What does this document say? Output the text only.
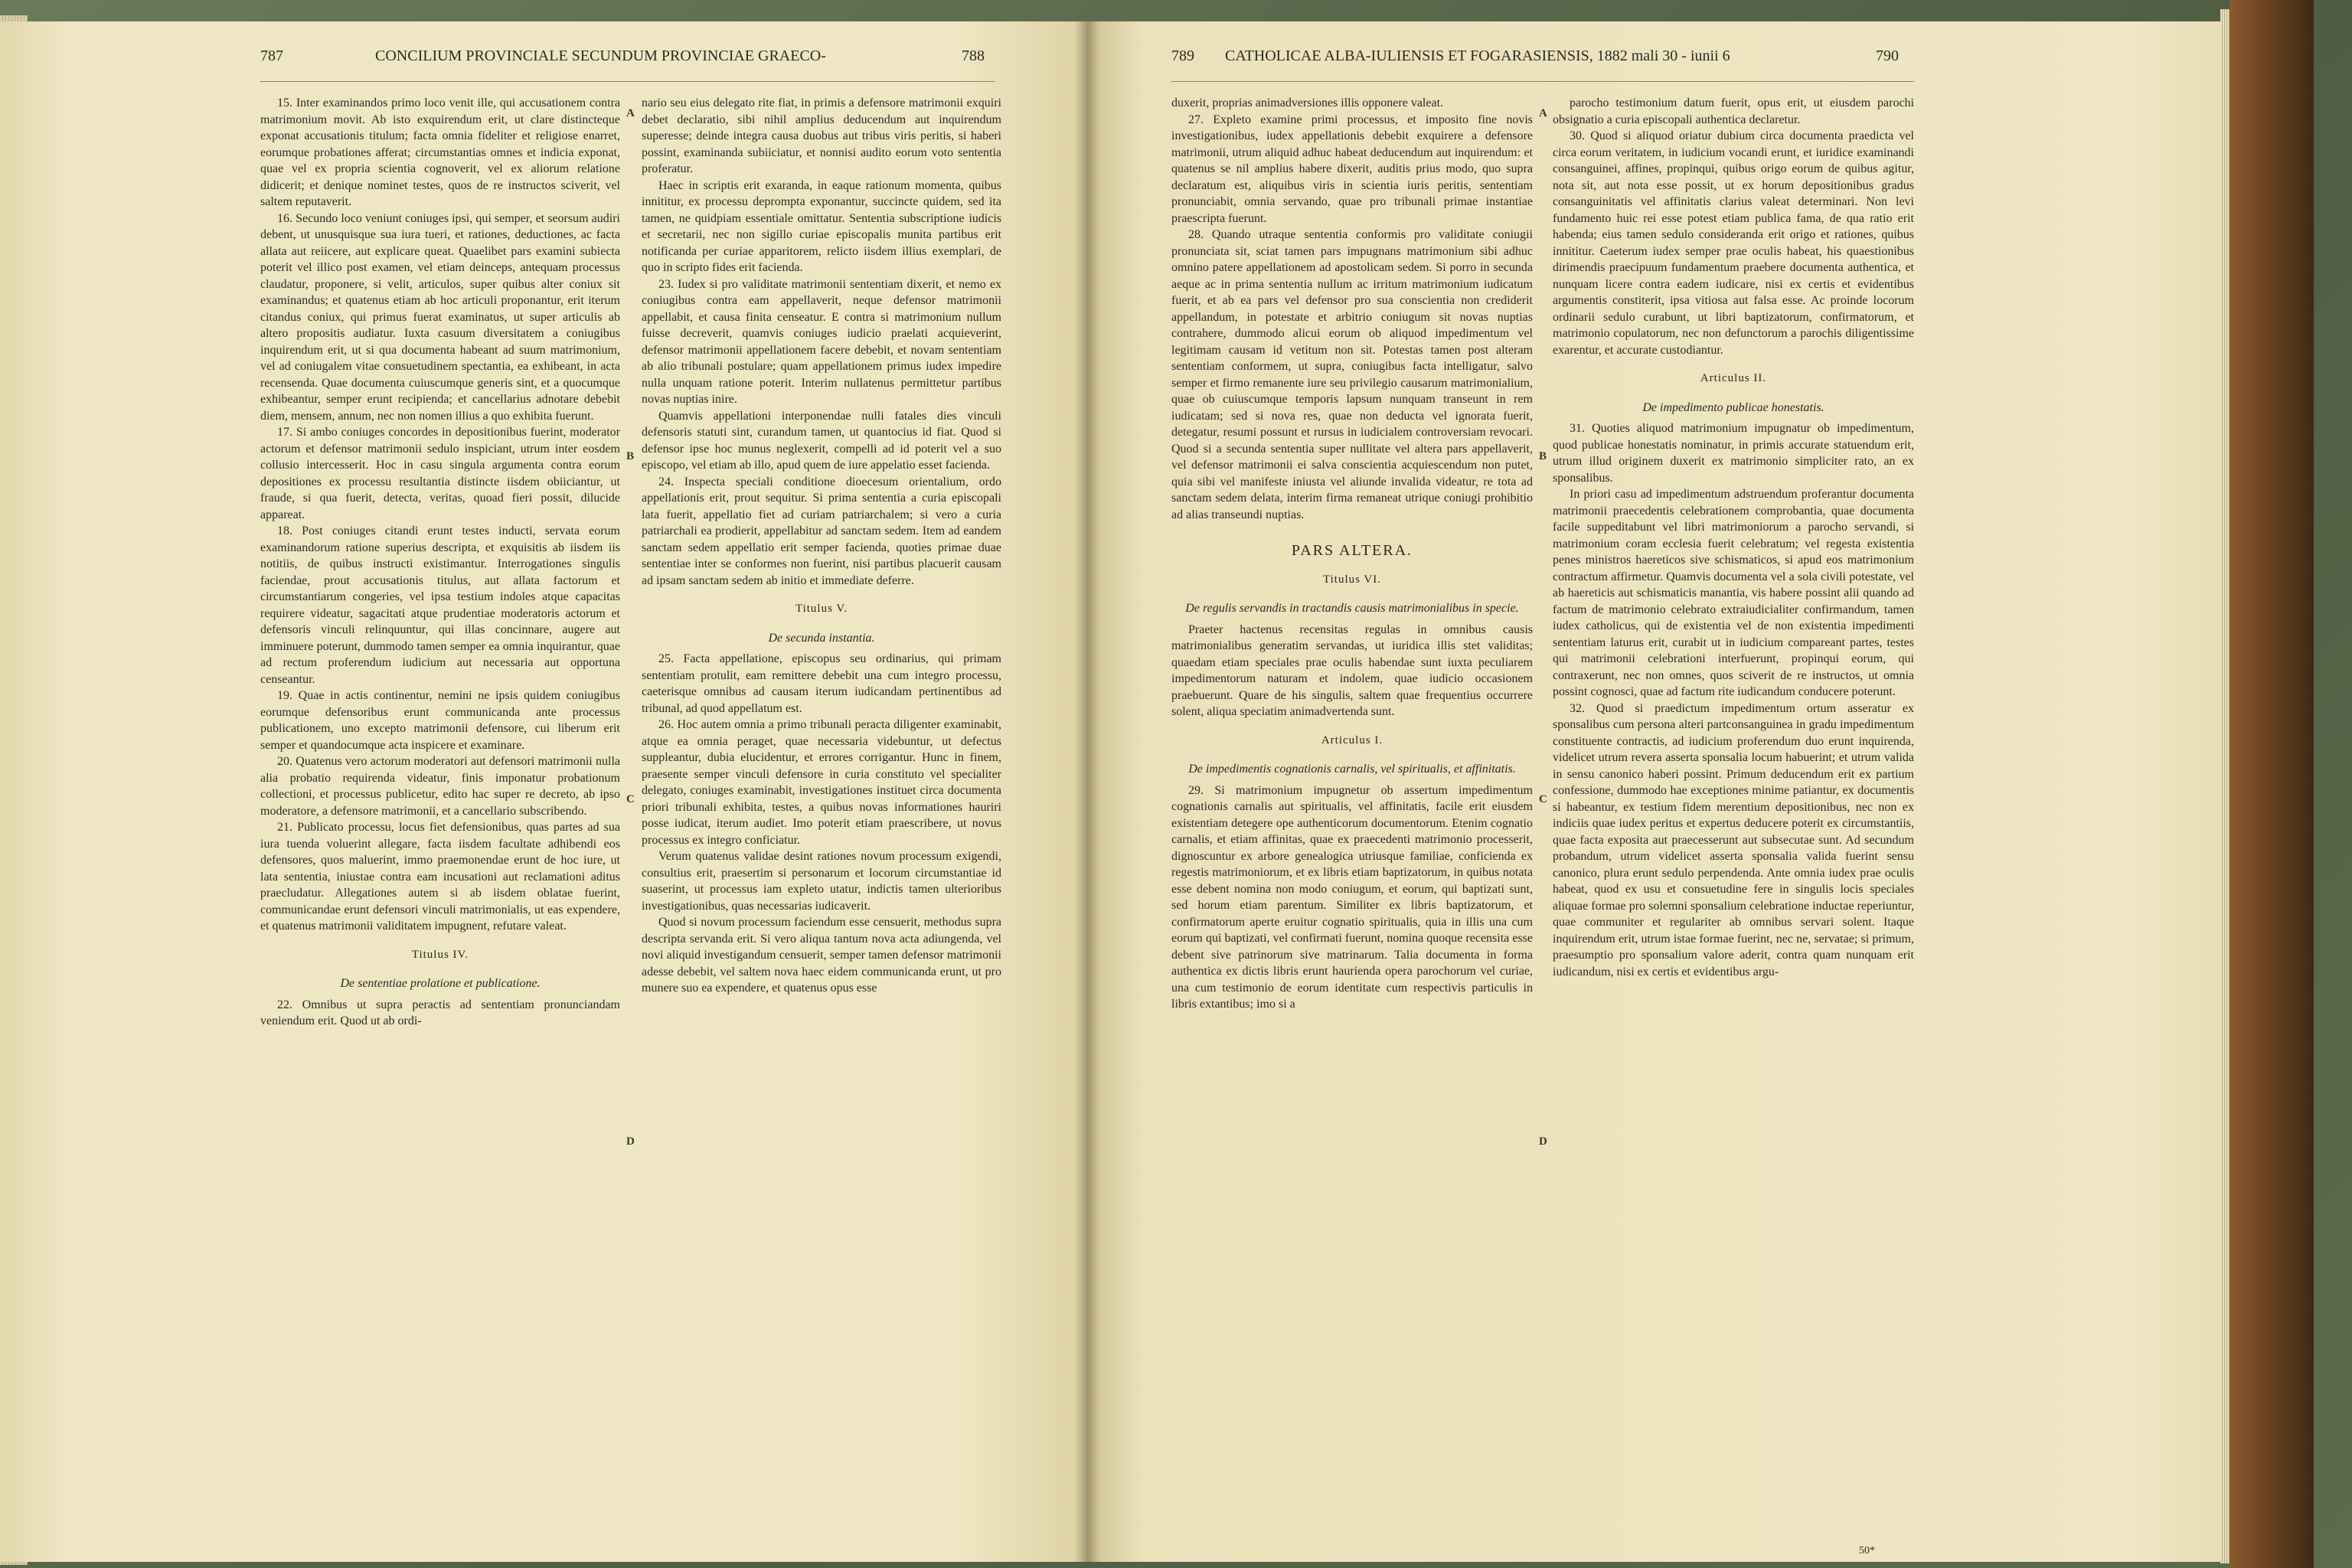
787	CONCILIUM PROVINCIALE SECUNDUM PROVINCIAE GRAECO-	788

15. Inter examinandos primo loco venit ille, qui accusationem contra matrimonium movit. Ab isto exquirendum erit, ut clare distincteque exponat accusationis titulum; facta omnia fideliter et religiose enarret, eorumque probationes afferat; circumstantias omnes et indicia exponat, quae vel ex propria scientia cognoverit, vel ex aliorum relatione didicerit; et denique nominet testes, quos de re instructos sciverit, vel saltem reputaverit.

16. Secundo loco veniunt coniuges ipsi, qui semper, et seorsum audiri debent, ut unusquisque sua iura tueri, et rationes, deductiones, ac facta allata aut reiicere, aut explicare queat. Quaelibet pars examini subiecta poterit vel illico post examen, vel etiam deinceps, antequam processus claudatur, proponere, si velit, articulos, super quibus alter coniux sit examinandus; et quatenus etiam ab hoc articuli proponantur, erit iterum citandus coniux, qui primus fuerat examinatus, ut super articulis ab altero propositis audiatur. Iuxta casuum diversitatem a coniugibus inquirendum erit, ut si qua documenta habeant ad suum matrimonium, vel ad coniugalem vitae consuetudinem spectantia, ea exhibeant, in acta recensenda. Quae documenta cuiuscumque generis sint, et a quocumque exhibeantur, semper erunt recipienda; et cancellarius adnotare debebit diem, mensem, annum, nec non nomen illius a quo exhibita fuerunt.

17. Si ambo coniuges concordes in depositionibus fuerint, moderator actorum et defensor matrimonii sedulo inspiciant, utrum inter eosdem collusio intercesserit. Hoc in casu singula argumenta contra eorum depositiones ex processu resultantia distincte iisdem obiiciantur, ut fraude, si qua fuerit, detecta, veritas, quoad fieri possit, dilucide appareat.

18. Post coniuges citandi erunt testes inducti, servata eorum examinandorum ratione superius descripta, et exquisitis ab iisdem iis notitiis, de quibus instructi existimantur. Interrogationes singulis faciendae, prout accusationis titulus, aut allata factorum et circumstantiarum congeries, vel ipsa testium indoles atque capacitas requirere videatur, sagacitati atque prudentiae moderatoris actorum et defensoris vinculi relinquuntur, qui illas concinnare, augere aut imminuere poterunt, dummodo tamen semper ea omnia inquirantur, quae ad rectum proferendum iudicium aut necessaria aut opportuna censeantur.

19. Quae in actis continentur, nemini ne ipsis quidem coniugibus eorumque defensoribus erunt communicanda ante processus publicationem, uno excepto matrimonii defensore, cui liberum erit semper et quandocumque acta inspicere et examinare.

20. Quatenus vero actorum moderatori aut defensori matrimonii nulla alia probatio requirenda videatur, finis imponatur probationum collectioni, et processus publicetur, edito hac super re decreto, ab ipso moderatore, a defensore matrimonii, et a cancellario subscribendo.

21. Publicato processu, locus fiet defensionibus, quas partes ad sua iura tuenda voluerint allegare, facta iisdem facultate adhibendi eos defensores, quos maluerint, immo praemonendae erunt de hoc iure, ut lata sententia, iniustae contra eam incusationi aut reclamationi aditus praecludatur. Allegationes autem si ab iisdem oblatae fuerint, communicandae erunt defensori vinculi matrimonialis, ut eas expendere, et quatenus matrimonii validitatem impugnent, refutare valeat.

Titulus IV.

De sententiae prolatione et publicatione.

22. Omnibus ut supra peractis ad sententiam pronunciandam veniendum erit. Quod ut ab ordi-

nario seu eius delegato rite fiat, in primis a defensore matrimonii exquiri debet declaratio, sibi nihil amplius deducendum aut inquirendum superesse; deinde integra causa duobus aut tribus viris peritis, si haberi possint, examinanda subiiciatur, et nonnisi audito eorum voto sententia proferatur.

Haec in scriptis erit exaranda, in eaque rationum momenta, quibus innititur, ex processu depromptа exponantur, succincte quidem, sed ita tamen, ne quidpiam essentiale omittatur. Sententia subscriptione iudicis et secretarii, nec non sigillo curiae episcopalis munita partibus erit notificanda per curiae apparitorem, relicto iisdem illius exemplari, de quo in scripto fides erit facienda.

23. Iudex si pro validitate matrimonii sententiam dixerit, et nemo ex coniugibus contra eam appellaverit, neque defensor matrimonii appellabit, et causa finita censeatur. E contra si matrimonium nullum fuisse decreverit, quamvis coniuges iudicio praelati acquieverint, defensor matrimonii appellationem facere debebit, et novam sententiam ab alio tribunali postulare; quam appellationem primus iudex impedire nulla unquam ratione poterit. Interim nullatenus permittetur partibus novas nuptias inire.

Quamvis appellationi interponendae nulli fatales dies vinculi defensoris statuti sint, curandum tamen, ut quantocius id fiat. Quod si defensor ipse hoc munus neglexerit, compelli ad id poterit vel a suo episcopo, vel etiam ab illo, apud quem de iure appelatio esset facienda.

24. Inspecta speciali conditione dioecesum orientalium, ordo appellationis erit, prout sequitur. Si prima sententia a curia episcopali lata fuerit, appellatio fiet ad curiam patriarchalem; si vero a curia patriarchali ea prodierit, appellabitur ad sanctam sedem. Item ad eandem sanctam sedem appellatio erit semper facienda, quoties primae duae sententiae inter se conformes non fuerint, nisi partibus placuerit causam ad ipsam sanctam sedem ab initio et immediate deferre.

Titulus V.

De secunda instantia.

25. Facta appellatione, episcopus seu ordinarius, qui primam sententiam protulit, eam remittere debebit una cum integro processu, caeterisque omnibus ad causam iterum iudicandam pertinentibus ad tribunal, ad quod appellatum est.

26. Hoc autem omnia a primo tribunali peracta diligenter examinabit, atque ea omnia peraget, quae necessaria videbuntur, ut defectus suppleantur, dubia elucidentur, et errores corrigantur. Hunc in finem, praesente semper vinculi defensore in curia constituto vel specialiter delegato, coniuges examinabit, investigationes instituet circa documenta priori tribunali exhibita, testes, a quibus novas informationes hauriri posse iudicat, iterum audiet. Imo poterit etiam praescribere, ut novus processus ex integro conficiatur.

Verum quatenus validae desint rationes novum processum exigendi, consultius erit, praesertim si personarum et locorum circumstantiae id suaserint, ut processus iam expleto utatur, indictis tamen ulterioribus investigationibus, quas necessarias iudicaverit.

Quod si novum processum faciendum esse censuerit, methodus supra descripta servanda erit. Si vero aliqua tantum nova acta adiungenda, vel novi aliquid investigandum censuerit, semper tamen defensor matrimonii adesse debebit, vel saltem nova haec eidem communicanda erunt, ut pro munere suo ea expendere, et quatenus opus esse

A
B
C
D
789 CATHOLICAE ALBA-IULIENSIS ET FOGARASIENSIS, 1882 mali 30 - iunii 6	790

duxerit, proprias animadversiones illis opponere valeat.

27. Expleto examine primi processus, et impositо fine novis investigationibus, iudex appellationis debebit exquirere a defensore matrimonii, utrum aliquid adhuc habeat deducendum aut inquirendum: et quatenus se nil amplius habere dixerit, auditis prius modo, quo supra declaratum est, aliquibus viris in scientia iuris peritis, sententiam pronunciabit, omnia servando, quae pro tribunali primae instantiae praescripta fuerunt.

28. Quando utraque sententia conformis pro validitate coniugii pronunciata sit, sciat tamen pars impugnans matrimonium sibi adhuc omnino patere appellationem ad apostolicam sedem. Si porro in secunda aeque ac in prima sententia nullum ac irritum matrimonium iudicatum fuerit, et ab ea pars vel defensor pro sua conscientia non crediderit appellandum, in potestate et arbitrio coniugum sit novas nuptias contrahere, dummodo alicui eorum ob aliquod impedimentum vel legitimam causam id vetitum non sit. Potestas tamen post alteram sententiam conformem, ut supra, coniugibus facta intelligatur, salvo semper et firmo remanente iure seu privilegio causarum matrimonialium, quae ob cuiuscumque temporis lapsum nunquam transeunt in rem iudicatam; sed si nova res, quae non deducta vel ignorata fuerit, detegatur, resumi possunt et rursus in iudicialem controversiam revocari. Quod si a secunda sententia super nullitate vel altera pars appellaverit, vel defensor matrimonii ei salva conscientia acquiescendum non putet, quia sibi vel manifeste iniusta vel aliunde invalida videatur, re tota ad sanctam sedem delata, interim firma remaneat utrique coniugi prohibitio ad alias transeundi nuptias.

PARS ALTERA.

Titulus VI.

De regulis servandis in tractandis causis matrimonialibus in specie.

Praeter hactenus recensitas regulas in omnibus causis matrimonialibus generatim servandas, ut iuridica illis stet validitas; quaedam etiam speciales prae oculis habendae sunt iuxta peculiarem impedimentorum naturam et indolem, quae iudicio occasionem praebuerunt. Quare de his singulis, saltem quae frequentius occurrere solent, aliqua speciatim animadvertenda sunt.

Articulus I.

De impedimentis cognationis carnalis, vel spiritualis, et affinitatis.

29. Si matrimonium impugnetur ob assertum impedimentum cognationis carnalis aut spiritualis, vel affinitatis, facile erit eiusdem existentiam detegere ope authenticorum documentorum. Etenim cognatio carnalis, et etiam affinitas, quae ex praecedenti matrimonio processerit, dignoscuntur ex arbore genealogica utriusque familiae, conficienda ex regestis matrimoniorum, et ex libris etiam baptizatorum, in quibus notata esse debent nomina non modo coniugum, et eorum, qui baptizati sunt, sed horum etiam parentum. Similiter ex libris baptizatorum, et confirmatorum aperte eruitur cognatio spiritualis, quia in illis una cum eorum qui baptizati, vel confirmati fuerunt, nomina quoque recensita esse debent sive patrinorum sive matrinarum. Talia documenta in forma authentica ex dictis libris erunt haurienda opera parochorum vel curiae, una cum testimonio de eorum identitate cum respectivis particulis in libris extantibus; imo si a

parocho testimonium datum fuerit, opus erit, ut eiusdem parochi obsignatio a curia episcopali authentica declaretur.

30. Quod si aliquod oriatur dubium circa documenta praedicta vel circa eorum veritatem, in iudicium vocandi erunt, et iuridice examinandi consanguinei, affines, propinqui, quibus origo eorum de quibus agitur, nota sit, aut nota esse possit, ut ex horum depositionibus gradus consanguinitatis vel affinitatis clarius valeat determinari. Non levi fundamento huic rei esse potest etiam publica fama, de qua ratio erit habenda; eius tamen sedulo consideranda erit origo et rationes, quibus innititur. Caeterum iudex semper prae oculis habeat, his quaestionibus dirimendis praecipuum fundamentum praebere documenta authentica, et nunquam licere contra eadem iudicare, nisi ex certis et evidentibus argumentis constiterit, ipsa vitiosa aut falsa esse. Ac proinde locorum ordinarii sedulo curabunt, ut libri baptizatorum, confirmatorum, et matrimonio copulatorum, nec non defunctorum a parochis diligentissime exarentur, et accurate custodiantur.

Articulus II.

De impedimento publicae honestatis.

31. Quoties aliquod matrimonium impugnatur ob impedimentum, quod publicae honestatis nominatur, in primis accurate statuendum erit, utrum illud originem duxerit ex matrimonio simpliciter rato, an ex sponsalibus.

In priori casu ad impedimentum adstruendum proferantur documenta matrimonii praecedentis celebrationem comprobantia, quae documenta facile suppeditabunt vel libri matrimoniorum a parocho servandi, si matrimonium coram ecclesia fuerit celebratum; vel regesta existentia penes ministros haereticos sive schismaticos, si apud eos matrimonium contractum affirmetur. Quamvis documenta vel a sola civili potestate, vel ab haereticis aut schismaticis manantia, vis habere possint alii quando ad factum de matrimonio celebrato extraiudicialiter confirmandum, tamen iudex catholicus, qui de existentia vel de non existentia impedimenti sententiam laturus erit, curabit ut in iudicium comparеant partes, testes qui matrimonii celebrationi interfuerunt, propinqui eorum, qui contraxerunt, nec non omnes, quos sciverit de re instructos, ut omnia possint cognosci, quae ad factum rite iudicandum conducere poterunt.

32. Quod si praedictum impedimentum ortum asseratur ex sponsalibus cum persona alteri partconsanguinea in gradu impedimentum constituente contractis, ad iudicium proferendum duo erunt inquirenda, videlicet utrum revera asserta sponsalia locum habuerint; et utrum valida in sensu canonico haberi possint. Primum deducendum erit ex partium confessione, dummodo hae exceptiones minime patiantur, ex documentis si habeantur, ex testium fidem merentium depositionibus, nec non ex indiciis quae iudex peritus et expertus deducere poterit ex circumstantiis, quae facta exposita aut praecesserunt aut subsecutae sunt. Ad secundum probandum, utrum videlicet asserta sponsalia valida fuerint sensu canonico, plura erunt sedulo perpendenda. Ante omnia iudex prae oculis habeat, quod ex usu et consuetudine fere in singulis locis speciales aliquae formae pro solemni sponsalium celebratione inductae reperiuntur, quae communiter et regulariter ab omnibus servari solent. Itaque inquirendum erit, utrum istae formae fuerint, nec ne, servatae; si primum, praesumptio pro sponsalium valore aderit, contra quam nunquam erit iudicandum, nisi ex certis et evidentibus argu-

50*
A
B
C
D
